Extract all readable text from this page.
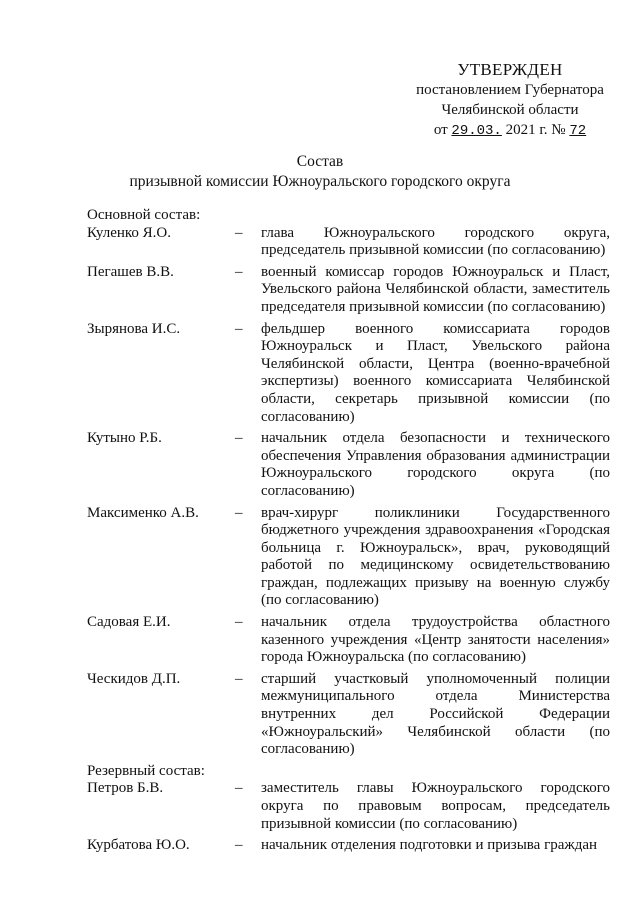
УТВЕРЖДЕН
постановлением Губернатора
Челябинской области
от 29.03. 2021 г. № 72
Состав
призывной комиссии Южноуральского городского округа
Основной состав:
Куленко Я.О.	–	глава Южноуральского городского округа, председатель призывной комиссии (по согласованию)
Пегашев В.В.	–	военный комиссар городов Южноуральск и Пласт, Увельского района Челябинской области, заместитель председателя призывной комиссии (по согласованию)
Зырянова И.С.	–	фельдшер военного комиссариата городов Южноуральск и Пласт, Увельского района Челябинской области, Центра (военно-врачебной экспертизы) военного комиссариата Челябинской области, секретарь призывной комиссии (по согласованию)
Кутыно Р.Б.	–	начальник отдела безопасности и технического обеспечения Управления образования администрации Южноуральского городского округа (по согласованию)
Максименко А.В.	–	врач-хирург поликлиники Государственного бюджетного учреждения здравоохранения «Городская больница г. Южноуральск», врач, руководящий работой по медицинскому освидетельствованию граждан, подлежащих призыву на военную службу (по согласованию)
Садовая Е.И.	–	начальник отдела трудоустройства областного казенного учреждения «Центр занятости населения» города Южноуральска (по согласованию)
Ческидов Д.П.	–	старший участковый уполномоченный полиции межмуниципального отдела Министерства внутренних дел Российской Федерации «Южноуральский» Челябинской области (по согласованию)
Резервный состав:
Петров Б.В.	–	заместитель главы Южноуральского городского округа по правовым вопросам, председатель призывной комиссии (по согласованию)
Курбатова Ю.О.	–	начальник отделения подготовки и призыва граждан
